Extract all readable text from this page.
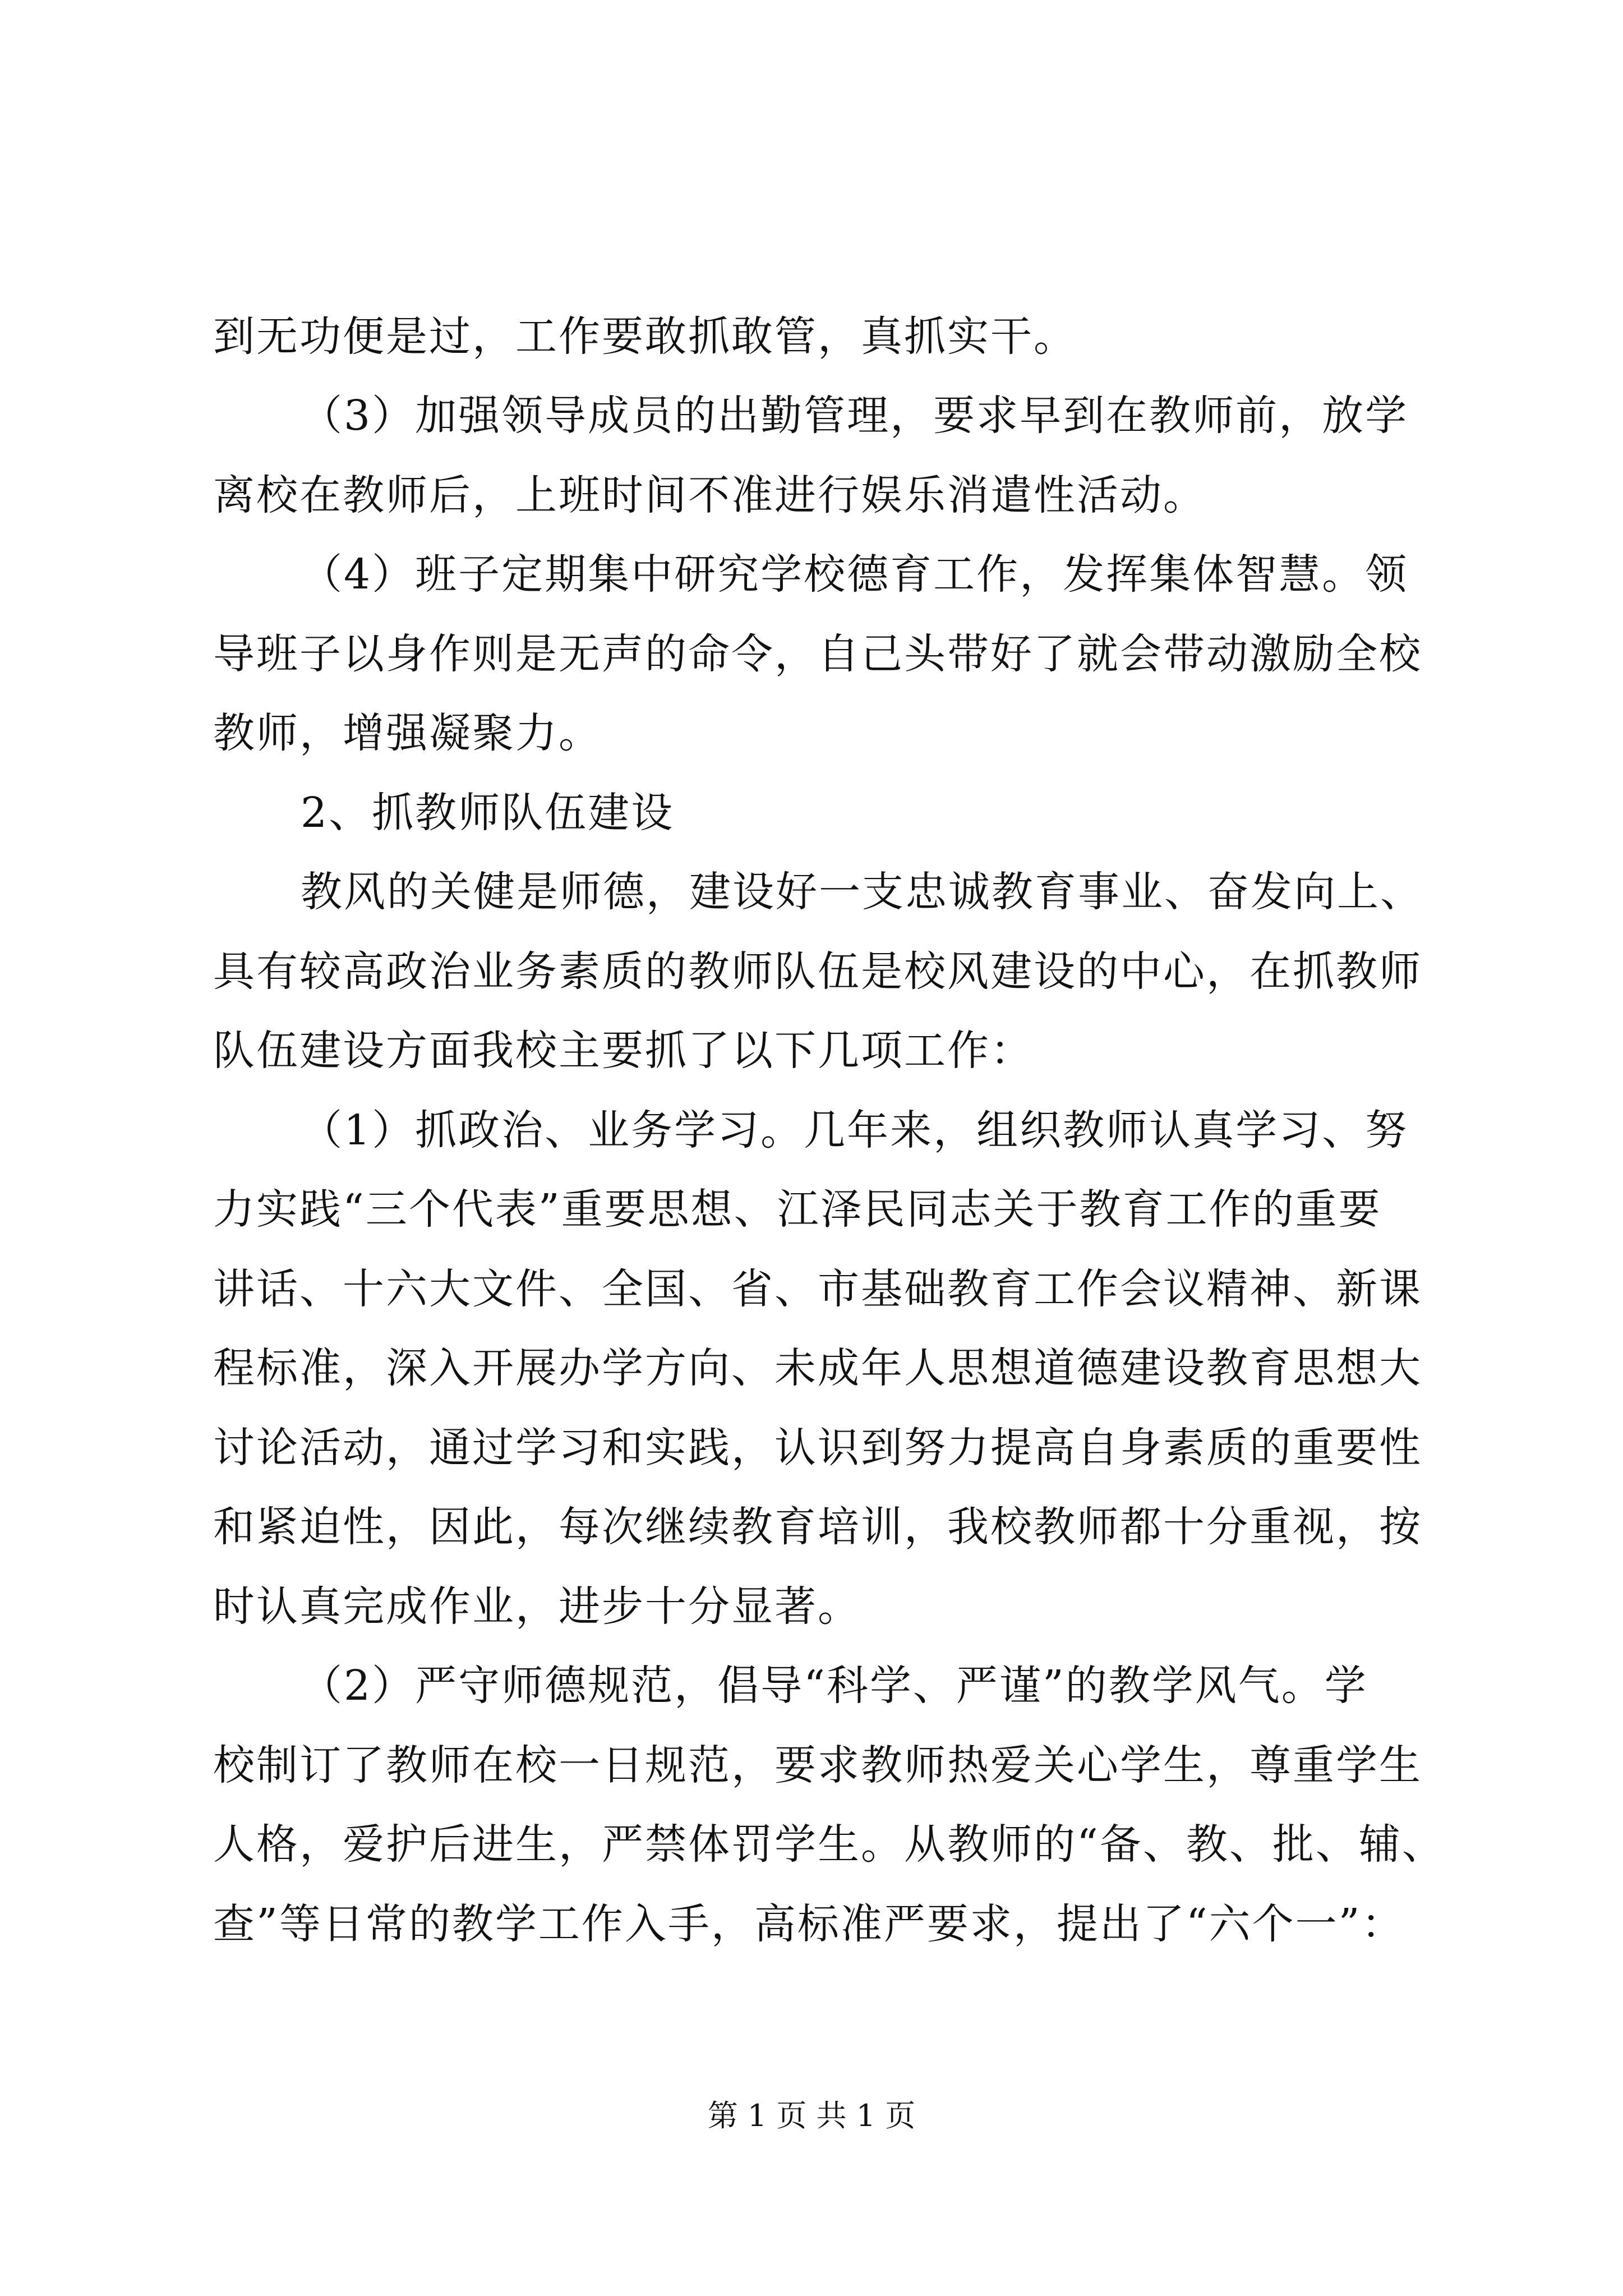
到无功便是过，工作要敢抓敢管，真抓实干。
（3）加强领导成员的出勤管理，要求早到在教师前，放学
离校在教师后，上班时间不准进行娱乐消遣性活动。
（4）班子定期集中研究学校德育工作，发挥集体智慧。领
导班子以身作则是无声的命令，自己头带好了就会带动激励全校
教师，增强凝聚力。
2、抓教师队伍建设
教风的关健是师德，建设好一支忠诚教育事业、奋发向上、
具有较高政治业务素质的教师队伍是校风建设的中心，在抓教师
队伍建设方面我校主要抓了以下几项工作：
（1）抓政治、业务学习。几年来，组织教师认真学习、努
力实践“三个代表”重要思想、江泽民同志关于教育工作的重要
讲话、十六大文件、全国、省、市基础教育工作会议精神、新课
程标准，深入开展办学方向、未成年人思想道德建设教育思想大
讨论活动，通过学习和实践，认识到努力提高自身素质的重要性
和紧迫性，因此，每次继续教育培训，我校教师都十分重视，按
时认真完成作业，进步十分显著。
（2）严守师德规范，倡导“科学、严谨”的教学风气。学
校制订了教师在校一日规范，要求教师热爱关心学生，尊重学生
人格，爱护后进生，严禁体罚学生。从教师的“备、教、批、辅、
查”等日常的教学工作入手，高标准严要求，提出了“六个一”：
第 1 页 共 1 页
